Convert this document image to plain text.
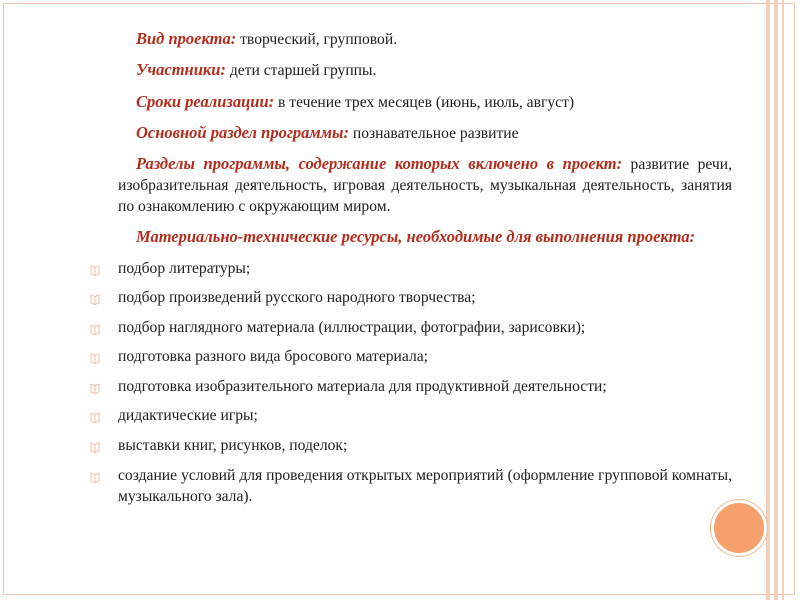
Вид проекта: творческий, групповой.

Участники: дети старшей группы.

Сроки реализации: в течение трех месяцев (июнь, июль, август)

Основной раздел программы: познавательное развитие

Разделы программы, содержание которых включено в проект: развитие речи, изобразительная деятельность, игровая деятельность, музыкальная деятельность, занятия по ознакомлению с окружающим миром.

Материально-технические ресурсы, необходимые для выполнения проекта:

подбор литературы;
подбор произведений русского народного творчества;
подбор наглядного материала (иллюстрации, фотографии, зарисовки);
подготовка разного вида бросового материала;
подготовка изобразительного материала для продуктивной деятельности;
дидактические игры;
выставки книг, рисунков, поделок;
создание условий для проведения открытых мероприятий (оформление групповой комнаты, музыкального зала).
